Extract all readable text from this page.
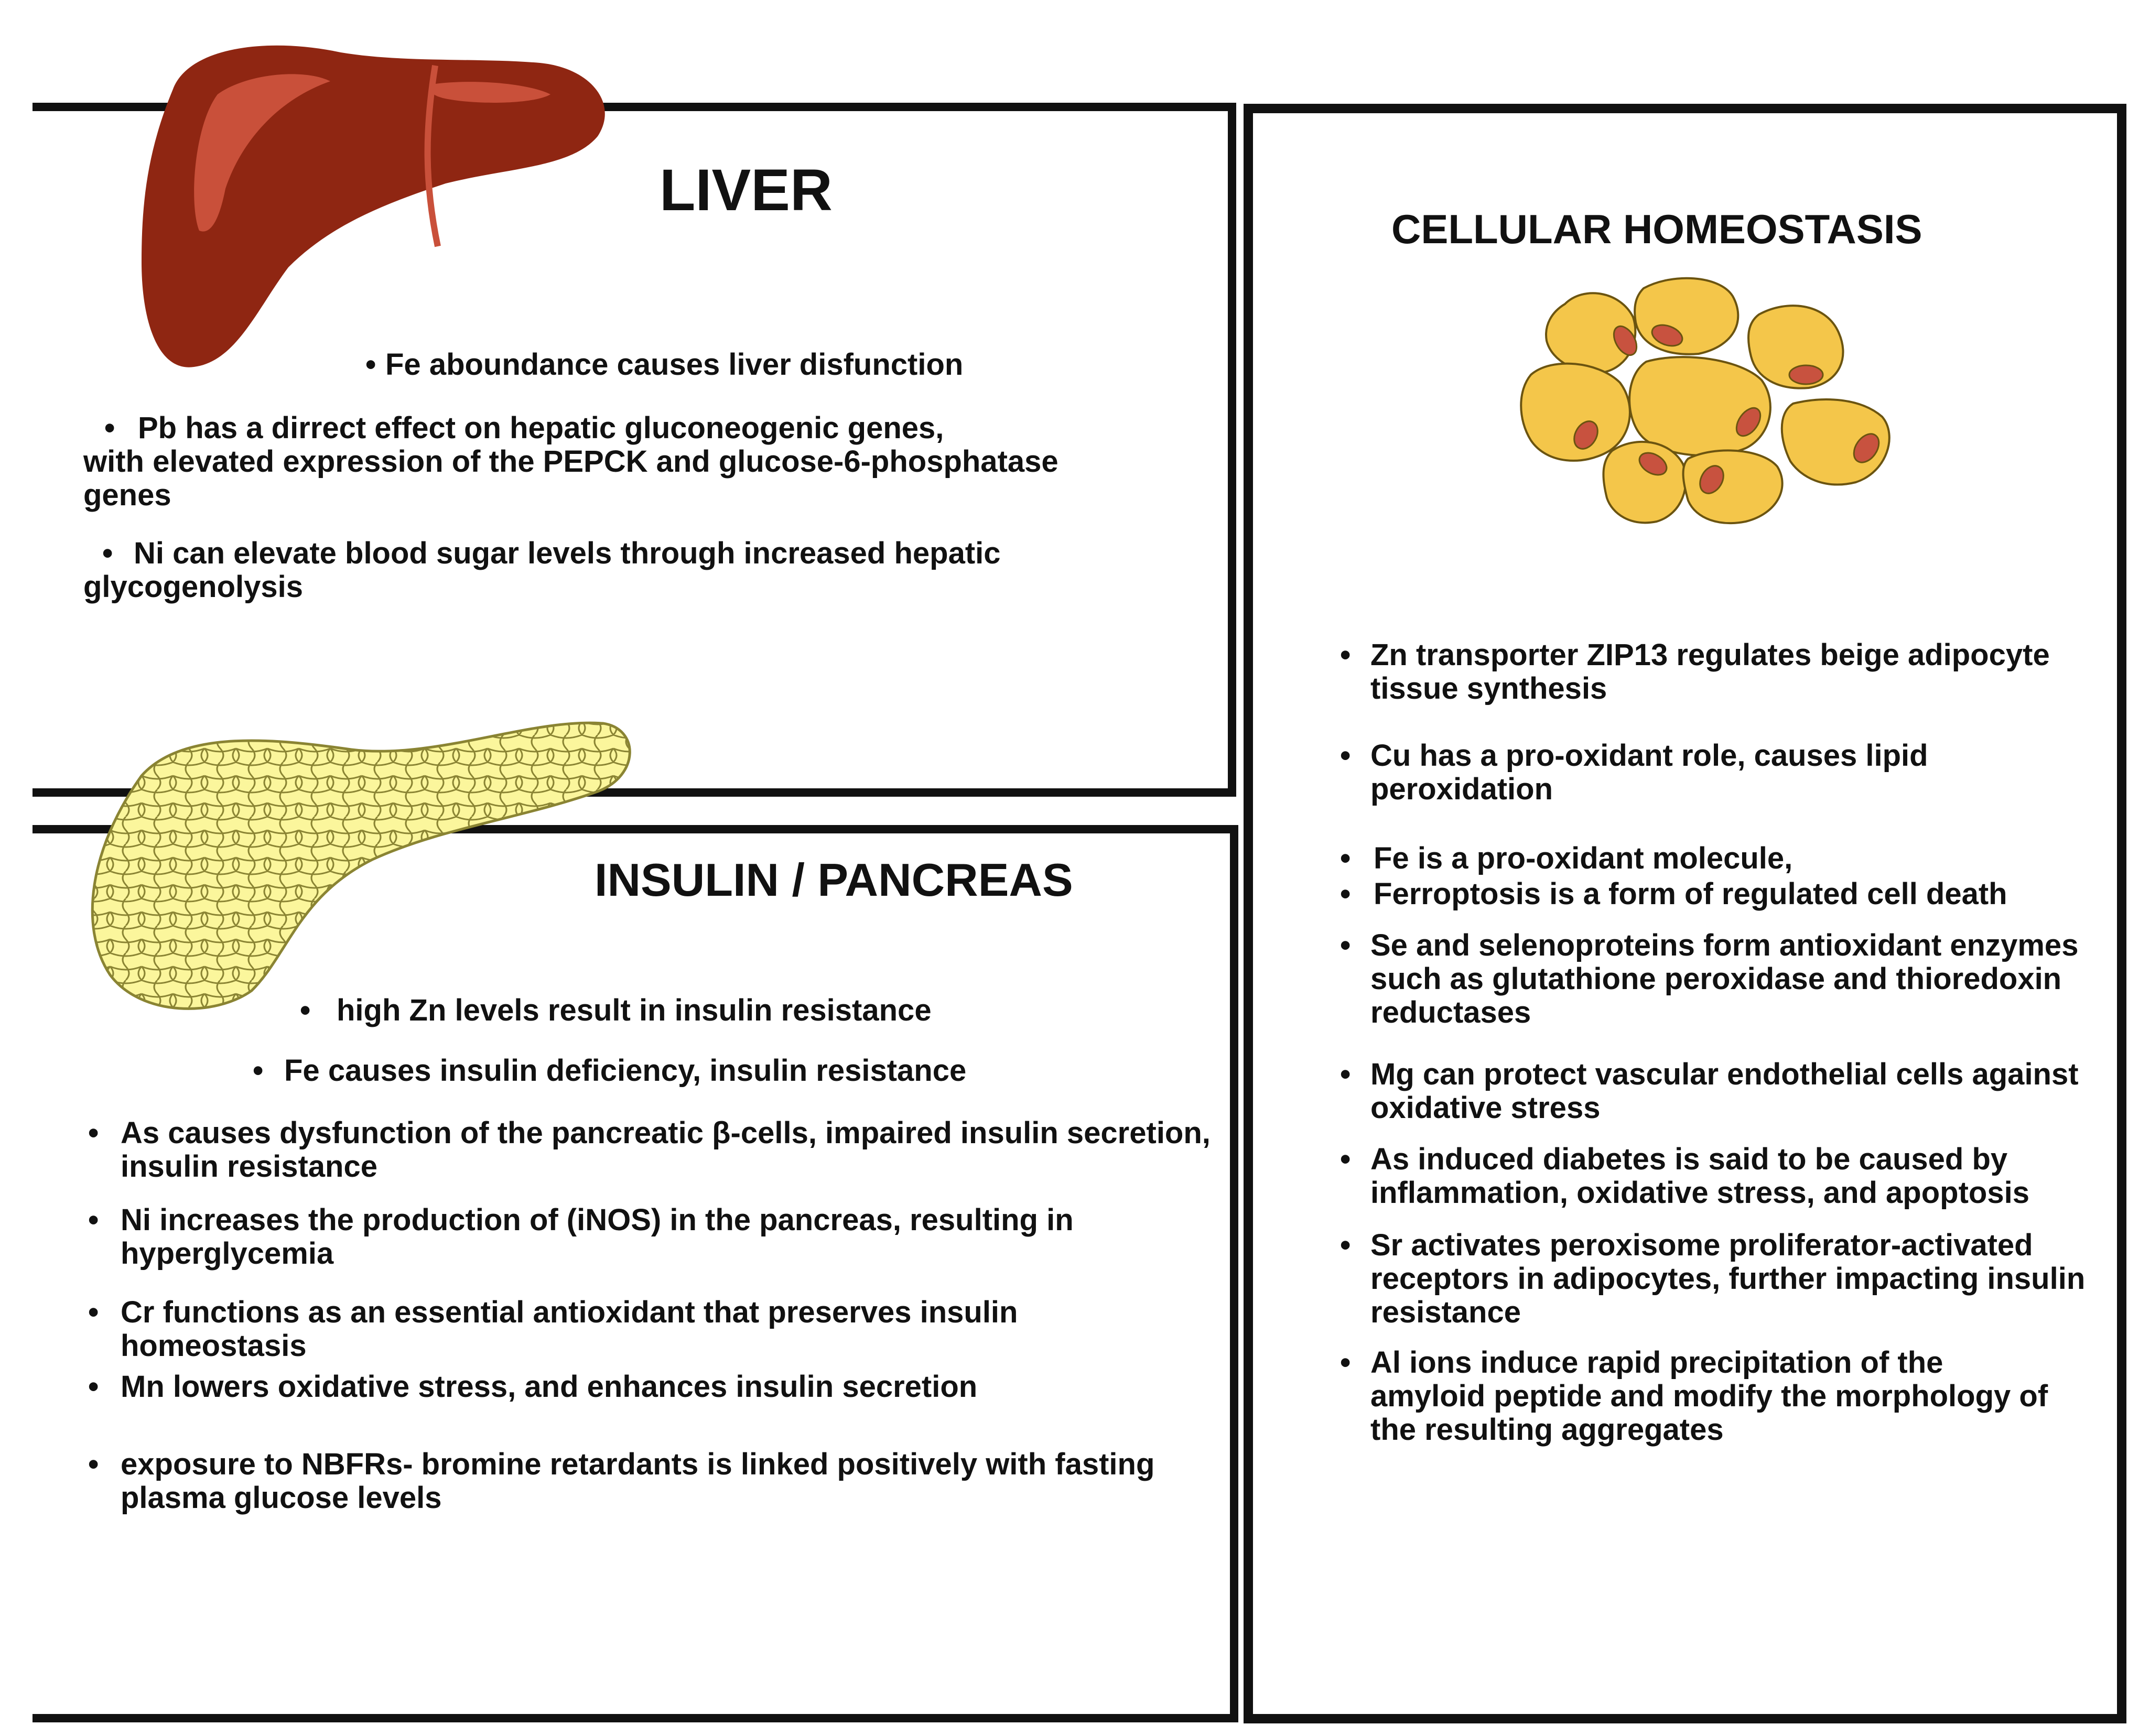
LIVER
INSULIN / PANCREAS
CELLULAR HOMEOSTASIS
• Fe aboundance causes liver disfunction
• Pb has a dirrect effect on hepatic gluconeogenic genes,
with elevated expression of the PEPCK and glucose-6-phosphatase
genes
• Ni can elevate blood sugar levels through increased hepatic
glycogenolysis
• high Zn levels result in insulin resistance
• Fe causes insulin deficiency, insulin resistance
• As causes dysfunction of the pancreatic β-cells, impaired insulin secretion,
insulin resistance
• Ni increases the production of (iNOS) in the pancreas, resulting in
hyperglycemia
• Cr functions as an essential antioxidant that preserves insulin homeostasis
• Mn lowers oxidative stress, and enhances insulin secretion
• exposure to NBFRs- bromine retardants is linked positively with fasting
plasma glucose levels
• Zn transporter ZIP13 regulates beige adipocyte
tissue synthesis
• Cu has a pro-oxidant role, causes lipid
peroxidation
• Fe is a pro-oxidant molecule,
• Ferroptosis is a form of regulated cell death
• Se and selenoproteins form antioxidant enzymes
such as glutathione peroxidase and thioredoxin
reductases
• Mg can protect vascular endothelial cells against
oxidative stress
• As induced diabetes is said to be caused by
inflammation, oxidative stress, and apoptosis
• Sr activates peroxisome proliferator-activated
receptors in adipocytes, further impacting insulin
resistance
• Al ions induce rapid precipitation of the
amyloid peptide and modify the morphology of
the resulting aggregates
